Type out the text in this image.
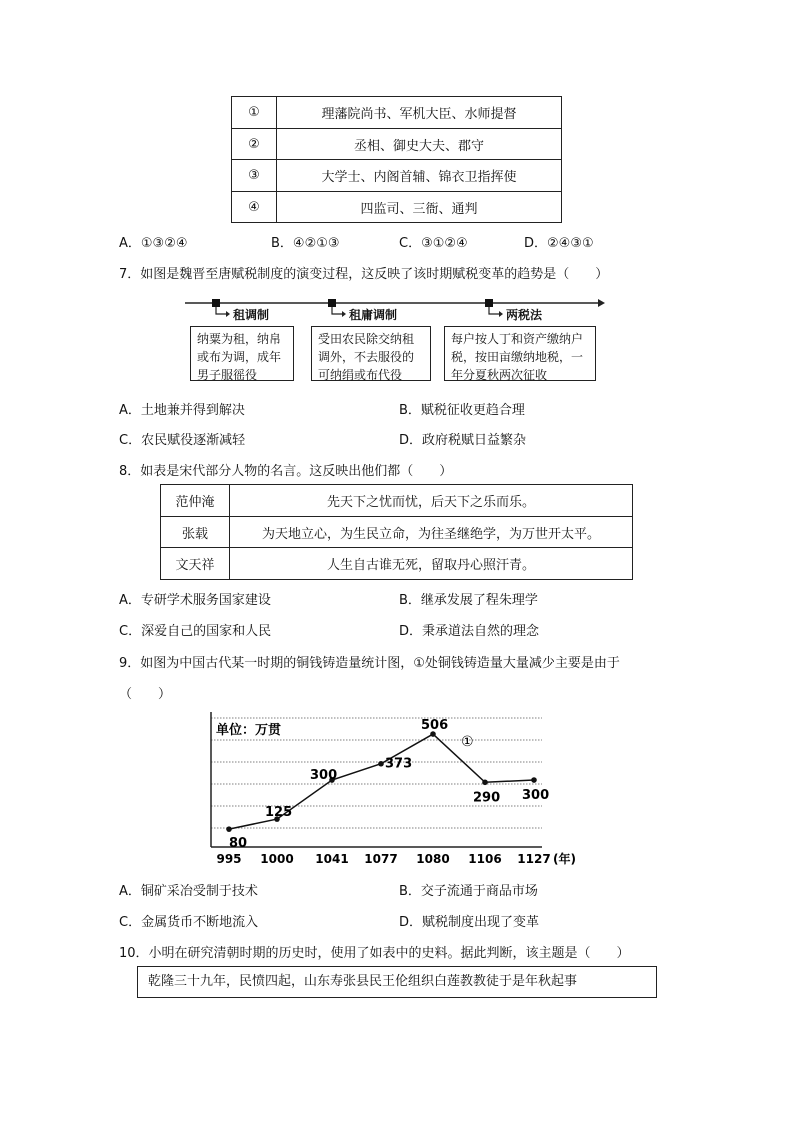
①	理藩院尚书、军机大臣、水师提督
②	丞相、御史大夫、郡守
③	大学士、内阁首辅、锦衣卫指挥使
④	四监司、三衙、通判
A．①③②④	B．④②①③	C．③①②④	D．②④③①
7．如图是魏晋至唐赋税制度的演变过程，这反映了该时期赋税变革的趋势是（　　）
租调制	租庸调制	两税法
纳粟为租，纳帛或布为调，成年男子服徭役
受田农民除交纳租调外，不去服役的可纳绢或布代役
每户按人丁和资产缴纳户税，按田亩缴纳地税，一年分夏秋两次征收
A．土地兼并得到解决	B．赋税征收更趋合理
C．农民赋役逐渐减轻	D．政府税赋日益繁杂
8．如表是宋代部分人物的名言。这反映出他们都（　　）
范仲淹	先天下之忧而忧，后天下之乐而乐。
张载	为天地立心，为生民立命，为往圣继绝学，为万世开太平。
文天祥	人生自古谁无死，留取丹心照汗青。
A．专研学术服务国家建设	B．继承发展了程朱理学
C．深爱自己的国家和人民	D．秉承道法自然的理念
9．如图为中国古代某一时期的铜钱铸造量统计图，①处铜钱铸造量大量减少主要是由于
（　　）
单位：万贯
80
125
300
373
506
290 300
①
995 1000 1041 1077 1080 1106 1127 (年)
A．铜矿采冶受制于技术	B．交子流通于商品市场
C．金属货币不断地流入	D．赋税制度出现了变革
10．小明在研究清朝时期的历史时，使用了如表中的史料。据此判断，该主题是（　　）
乾隆三十九年，民愤四起，山东寿张县民王伦组织白莲教教徒于是年秋起事
